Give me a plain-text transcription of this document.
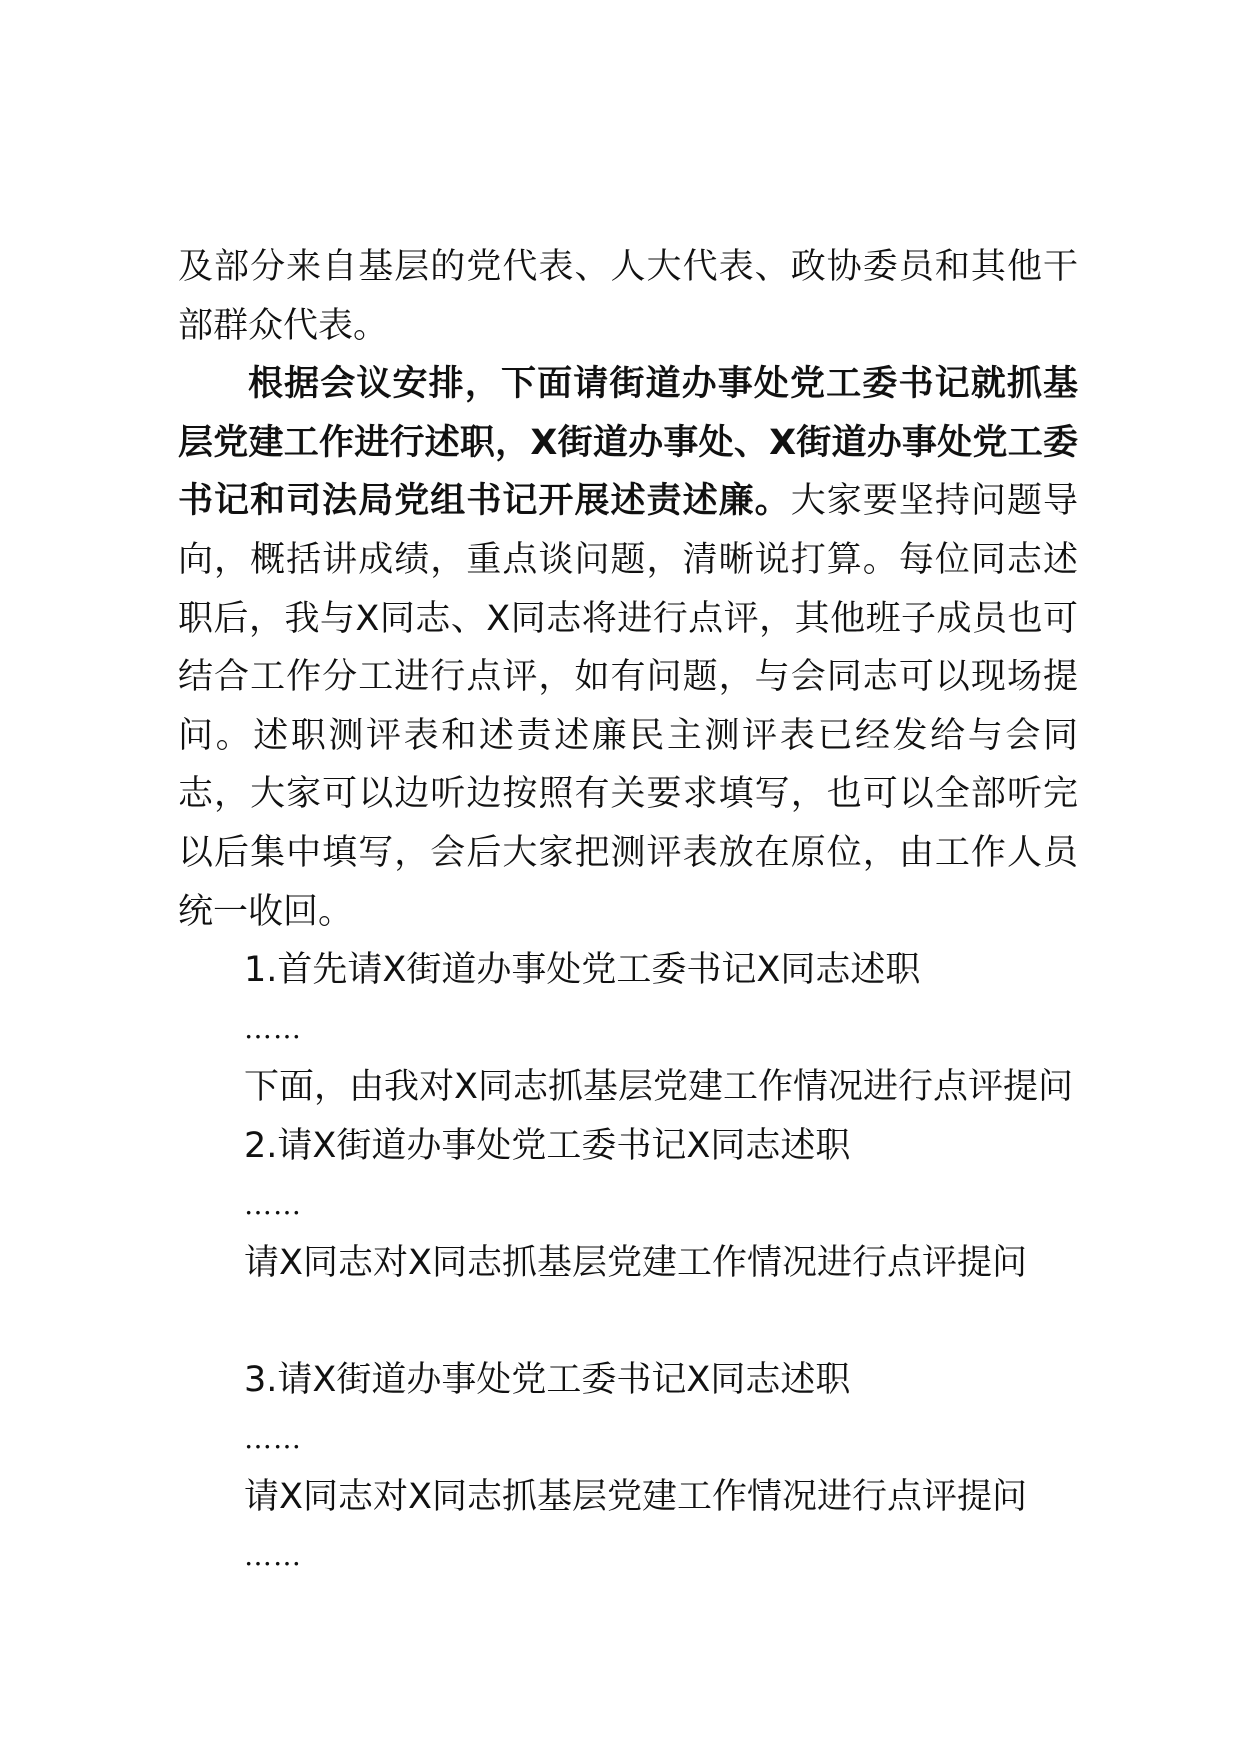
及部分来自基层的党代表、人大代表、政协委员和其他干部群众代表。

根据会议安排，下面请街道办事处党工委书记就抓基层党建工作进行述职，X街道办事处、X街道办事处党工委书记和司法局党组书记开展述责述廉。大家要坚持问题导向，概括讲成绩，重点谈问题，清晰说打算。每位同志述职后，我与X同志、X同志将进行点评，其他班子成员也可结合工作分工进行点评，如有问题，与会同志可以现场提问。述职测评表和述责述廉民主测评表已经发给与会同志，大家可以边听边按照有关要求填写，也可以全部听完以后集中填写，会后大家把测评表放在原位，由工作人员统一收回。

1.首先请X街道办事处党工委书记X同志述职

……

下面，由我对X同志抓基层党建工作情况进行点评提问

2.请X街道办事处党工委书记X同志述职

……

请X同志对X同志抓基层党建工作情况进行点评提问

3.请X街道办事处党工委书记X同志述职

……

请X同志对X同志抓基层党建工作情况进行点评提问

……
